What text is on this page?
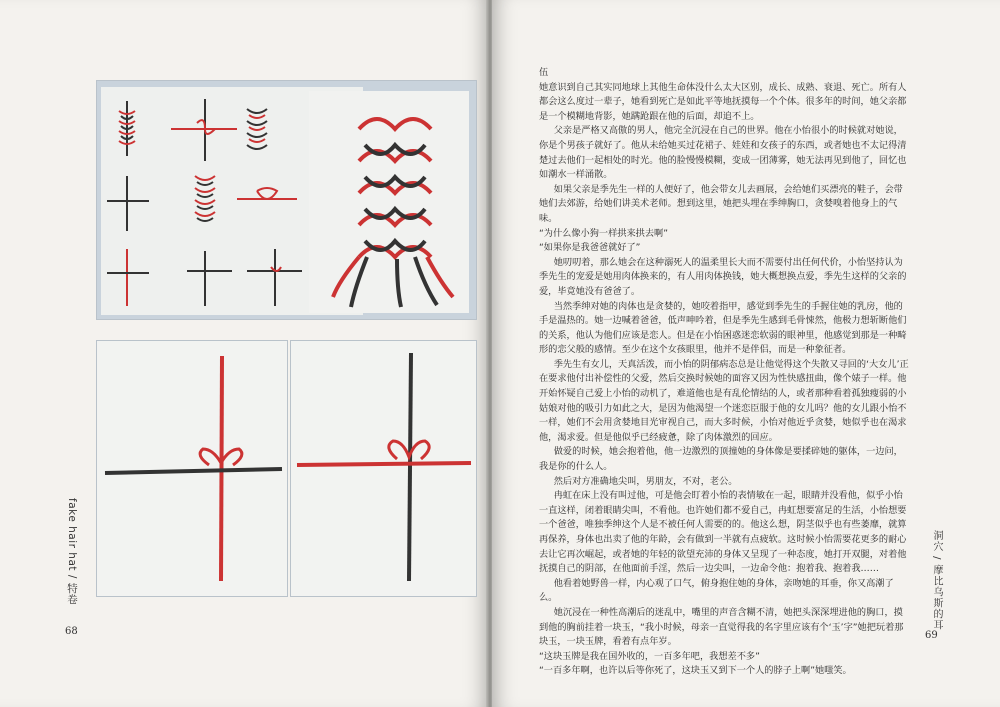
fake hair hat / 特卷
68

伍

她意识到自己其实同地球上其他生命体没什么太大区别，成长、成熟、衰退、死亡。所有人都会这么度过一辈子，她看到死亡是如此平等地抚摸每一个个体。很多年的时间，她父亲都是一个模糊地背影，她蹒跄跟在他的后面，却追不上。

父亲是严格又高傲的男人，他完全沉浸在自己的世界。他在小怡很小的时候就对她说，你是个男孩子就好了。他从未给她买过花裙子、娃娃和女孩子的东西，或者她也不太记得清楚过去他们一起相处的时光。他的脸慢慢模糊，变成一团薄雾，她无法再见到他了，回忆也如潮水一样涌散。

如果父亲是季先生一样的人便好了，他会带女儿去画展，会给她们买漂亮的鞋子，会带她们去郊游，给她们讲美术老师。想到这里，她把头埋在季绅胸口，贪婪嗅着他身上的气味。

“为什么像小狗一样拱来拱去啊”

“如果你是我爸爸就好了”

她叨叨着，那么她会在这种溺死人的温柔里长大而不需要付出任何代价，小怡坚持认为季先生的宠爱是她用肉体换来的，有人用肉体换钱，她大概想换点爱，季先生这样的父亲的爱，毕竟她没有爸爸了。

当然季绅对她的肉体也是贪婪的，她咬着指甲，感觉到季先生的手握住她的乳房，他的手是温热的。她一边喊着爸爸，低声呻吟着，但是季先生感到毛骨悚然，他极力想斩断他们的关系，他认为他们应该是恋人。但是在小怡困惑迷恋软弱的眼神里，他感觉到那是一种畸形的恋父般的感情。至少在这个女孩眼里，他并不是伴侣，而是一种象征者。

季先生有女儿，天真活泼，而小怡的阴郁病态总是让他觉得这个失散又寻回的‘大女儿’正在要求他付出补偿性的父爱，然后交换时候她的面容又因为性快感扭曲，像个婊子一样。他开始怀疑自己爱上小怡的动机了，难道他也是有乱伦情结的人，或者那种看着孤独瘦弱的小姑娘对他的吸引力如此之大，是因为他渴望一个迷恋臣服于他的女儿吗？他的女儿跟小怡不一样，她们不会用贪婪地目光审视自己，而大多时候，小怡对他近乎贪婪，她似乎也在渴求他，渴求爱。但是他似乎已经疲惫，除了肉体激烈的回应。

做爱的时候，她会抱着他，他一边激烈的顶撞她的身体像是要揉碎她的躯体，一边问，我是你的什么人。

然后对方准确地尖叫，男朋友，不对，老公。

冉虹在床上没有叫过他，可是他会盯着小怡的表情敏在一起，眼睛并没看他，似乎小怡一直这样，闭着眼睛尖叫，不看他。也许她们都不爱自己，冉虹想要富足的生活，小怡想要一个爸爸，唯独季绅这个人是不被任何人需要的的。他这么想，阴茎似乎也有些萎靡，就算再保养，身体也出卖了他的年龄，会有做到一半就有点疲软。这时候小怡需要花更多的耐心去让它再次崛起，或者她的年轻的欲望充沛的身体又呈现了一种态度，她打开双腿，对着他抚摸自己的阴部，在他面前手淫，然后一边尖叫，一边命令他：抱着我、抱着我……

他看着她野兽一样，内心观了口气，俯身抱住她的身体，亲吻她的耳垂，你又高潮了么。

她沉浸在一种性高潮后的迷乱中，嘴里的声音含糊不清，她把头深深埋进他的胸口，摸到他的胸前挂着一块玉，“我小时候，母亲一直觉得我的名字里应该有个‘玉’字”她把玩着那块玉，一块玉牌，看着有点年岁。

“这块玉牌是我在国外收的，一百多年吧，我想差不多”

“一百多年啊，也许以后等你死了，这块玉又到下一个人的脖子上啊”她嗤笑。

洞穴 / 摩比乌斯的耳
69
